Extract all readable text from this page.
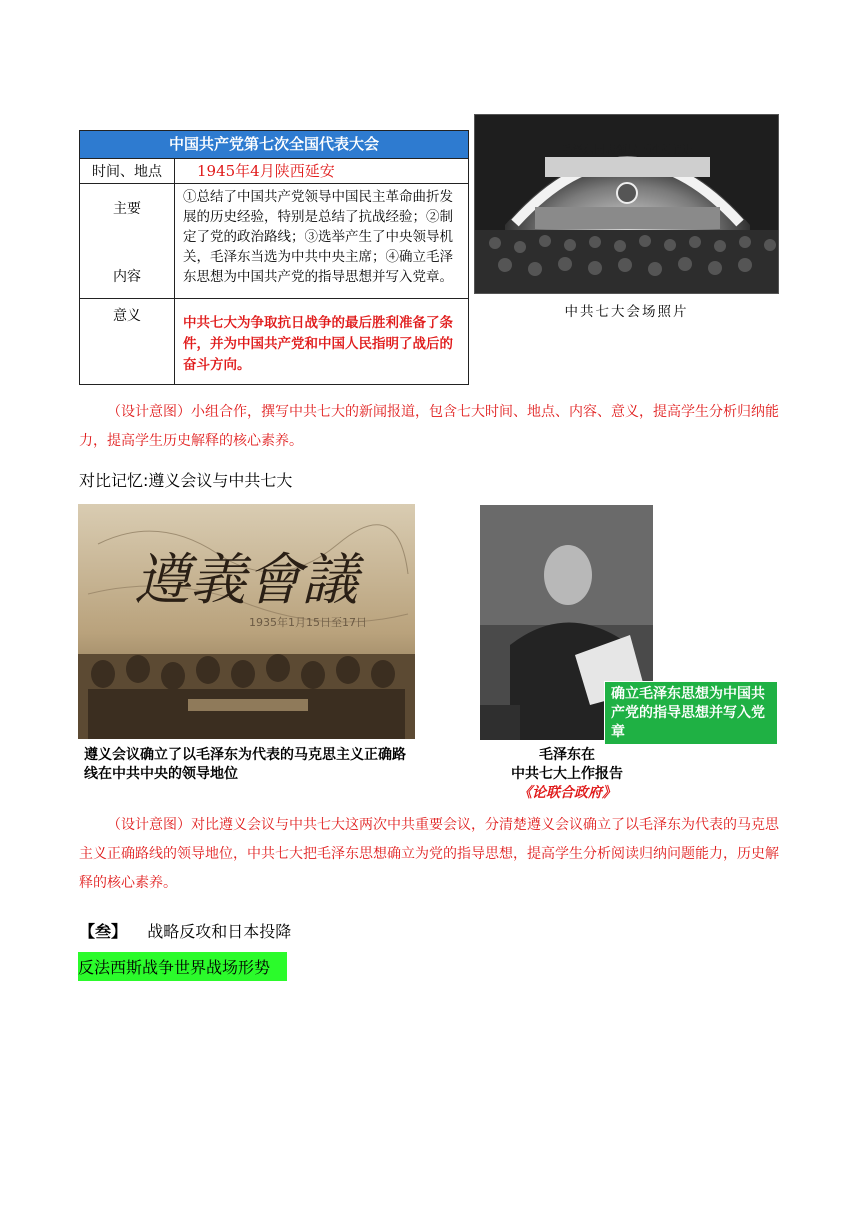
中国共产党第七次全国代表大会
时间、地点	1945年4月陕西延安
主要
内容
①总结了中国共产党领导中国民主革命曲折发展的历史经验，特别是总结了抗战经验；②制定了党的政治路线；③选举产生了中央领导机关，毛泽东当选为中共中央主席；④确立毛泽东思想为中国共产党的指导思想并写入党章。
意义	中共七大为争取抗日战争的最后胜利准备了条件，并为中国共产党和中国人民指明了战后的奋斗方向。
毛泽东同志领导下胜利前进
中共七大会场照片
（设计意图）小组合作，撰写中共七大的新闻报道，包含七大时间、地点、内容、意义，提高学生分析归纳能力，提高学生历史解释的核心素养。
对比记忆:遵义会议与中共七大
遵義會議
1935年1月15日至17日
遵义会议确立了以毛泽东为代表的马克思主义正确路线在中共中央的领导地位
确立毛泽东思想为中国共产党的指导思想并写入党章
毛泽东在
中共七大上作报告
《论联合政府》
（设计意图）对比遵义会议与中共七大这两次中共重要会议，分清楚遵义会议确立了以毛泽东为代表的马克思主义正确路线的领导地位，中共七大把毛泽东思想确立为党的指导思想，提高学生分析阅读归纳问题能力，历史解释的核心素养。
【叁】 战略反攻和日本投降
反法西斯战争世界战场形势
